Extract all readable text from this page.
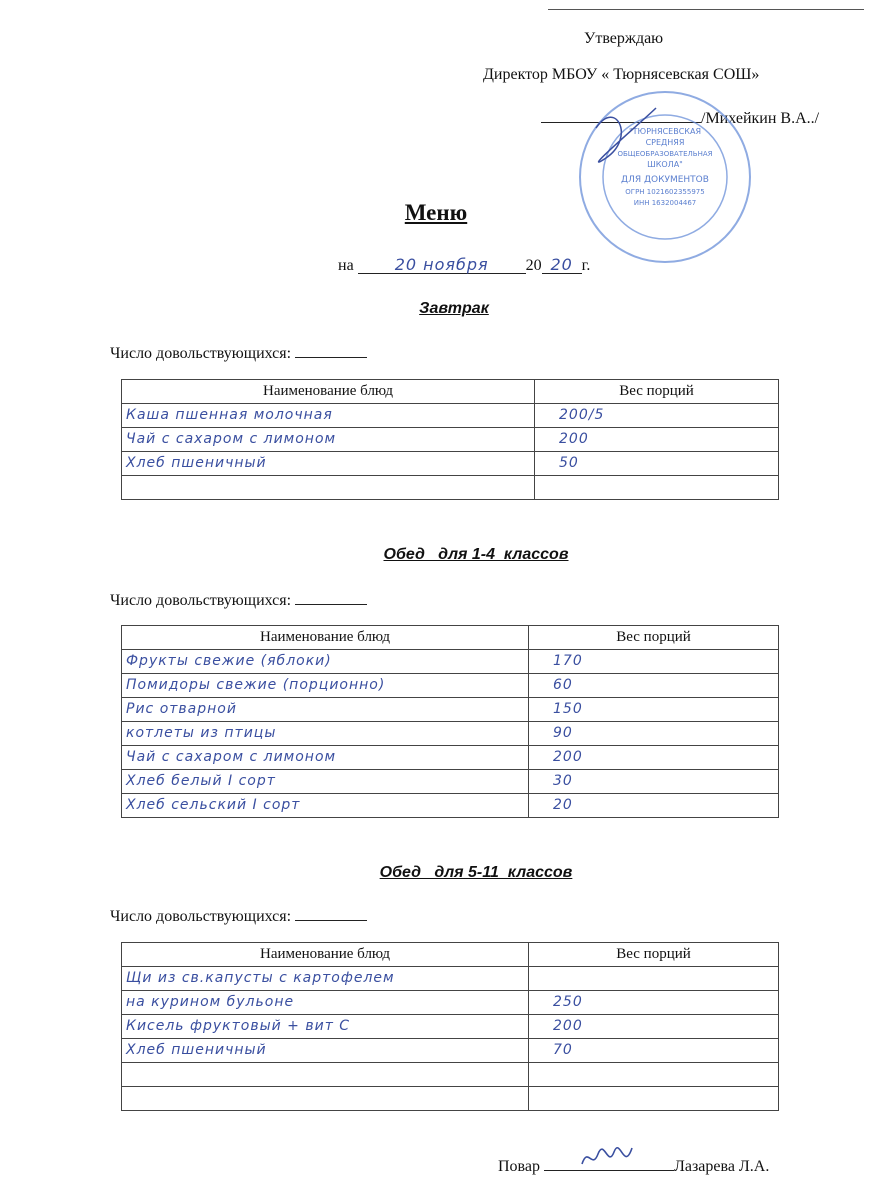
Утверждаю
Директор МБОУ « Тюрнясевская СОШ»
/Михейкин В.А../
"ТЮРНЯСЕВСКАЯ
СРЕДНЯЯ
ОБЩЕОБРАЗОВАТЕЛЬНАЯ
ШКОЛА"
ДЛЯ ДОКУМЕНТОВ
ОГРН 1021602355975
ИНН 1632004467
Меню
на	20 ноября 20 20 г.
Завтрак
Число довольствующихся:
Наименование блюд	Вес порций
Каша пшенная молочная	200/5
Чай с сахаром с лимоном	200
Хлеб пшеничный	50

Обед   для 1-4  классов
Число довольствующихся:
Наименование блюд	Вес порций
Фрукты свежие (яблоки)	170
Помидоры свежие (порционно)	60
Рис отварной	150
котлеты из птицы	90
Чай с сахаром с лимоном	200
Хлеб белый I сорт	30
Хлеб сельский I сорт	20
Обед   для 5-11  классов
Число довольствующихся:
Наименование блюд	Вес порций
Щи из св.капусты с картофелем	
на курином бульоне	250
Кисель фруктовый + вит С	200
Хлеб пшеничный	70

Повар	Лазарева Л.А.
